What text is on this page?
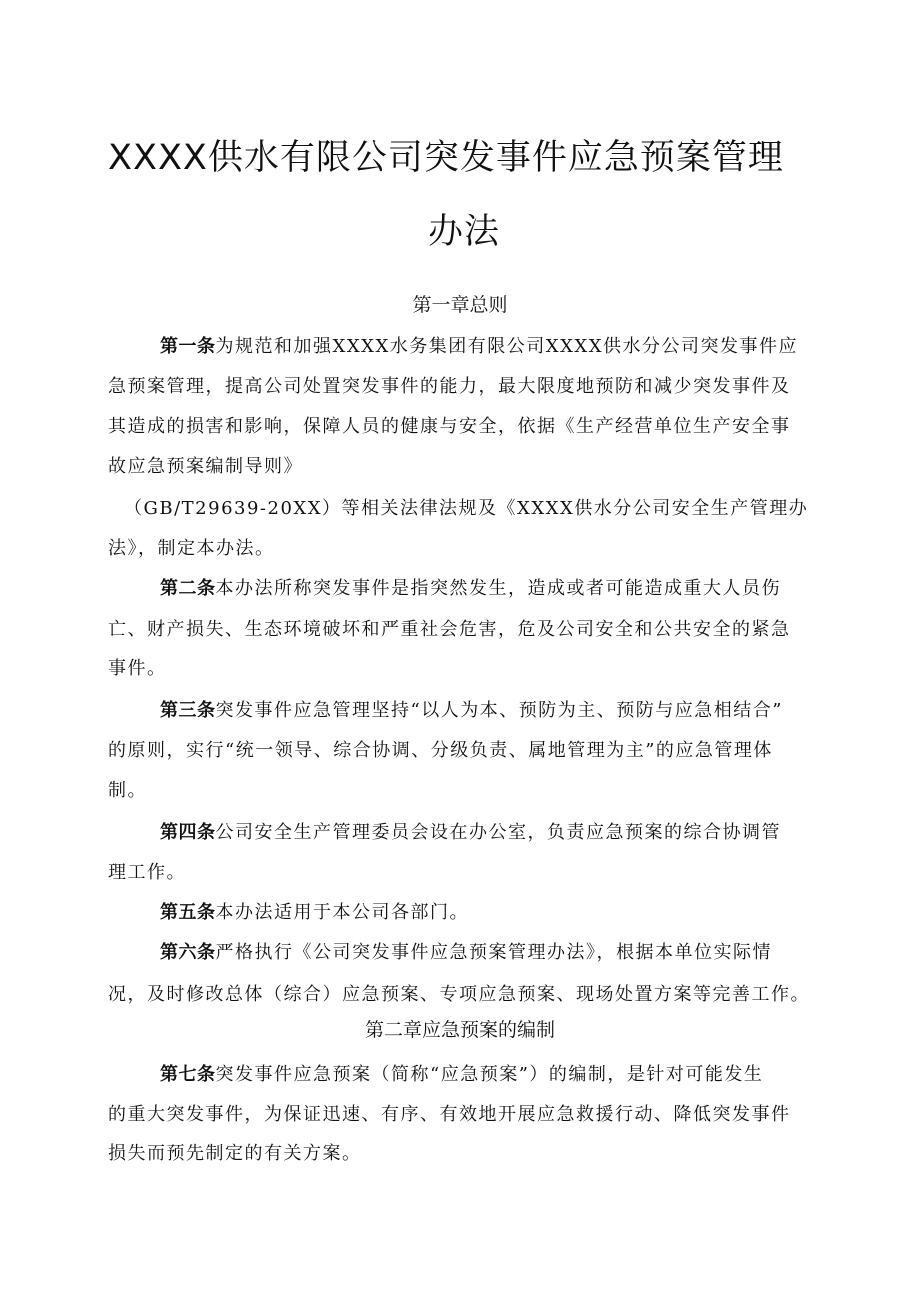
XXXX供水有限公司突发事件应急预案管理
办法
第一章总则
第一条为规范和加强XXXX水务集团有限公司XXXX供水分公司突发事件应
急预案管理，提高公司处置突发事件的能力，最大限度地预防和减少突发事件及
其造成的损害和影响，保障人员的健康与安全，依据《生产经营单位生产安全事
故应急预案编制导则》
（GB/T29639-20XX）等相关法律法规及《XXXX供水分公司安全生产管理办
法》，制定本办法。
第二条本办法所称突发事件是指突然发生，造成或者可能造成重大人员伤
亡、财产损失、生态环境破坏和严重社会危害，危及公司安全和公共安全的紧急
事件。
第三条突发事件应急管理坚持“以人为本、预防为主、预防与应急相结合”
的原则，实行“统一领导、综合协调、分级负责、属地管理为主”的应急管理体
制。
第四条公司安全生产管理委员会设在办公室，负责应急预案的综合协调管
理工作。
第五条本办法适用于本公司各部门。
第六条严格执行《公司突发事件应急预案管理办法》，根据本单位实际情
况，及时修改总体（综合）应急预案、专项应急预案、现场处置方案等完善工作。
第二章应急预案的编制
第七条突发事件应急预案（简称“应急预案”）的编制，是针对可能发生
的重大突发事件，为保证迅速、有序、有效地开展应急救援行动、降低突发事件
损失而预先制定的有关方案。
